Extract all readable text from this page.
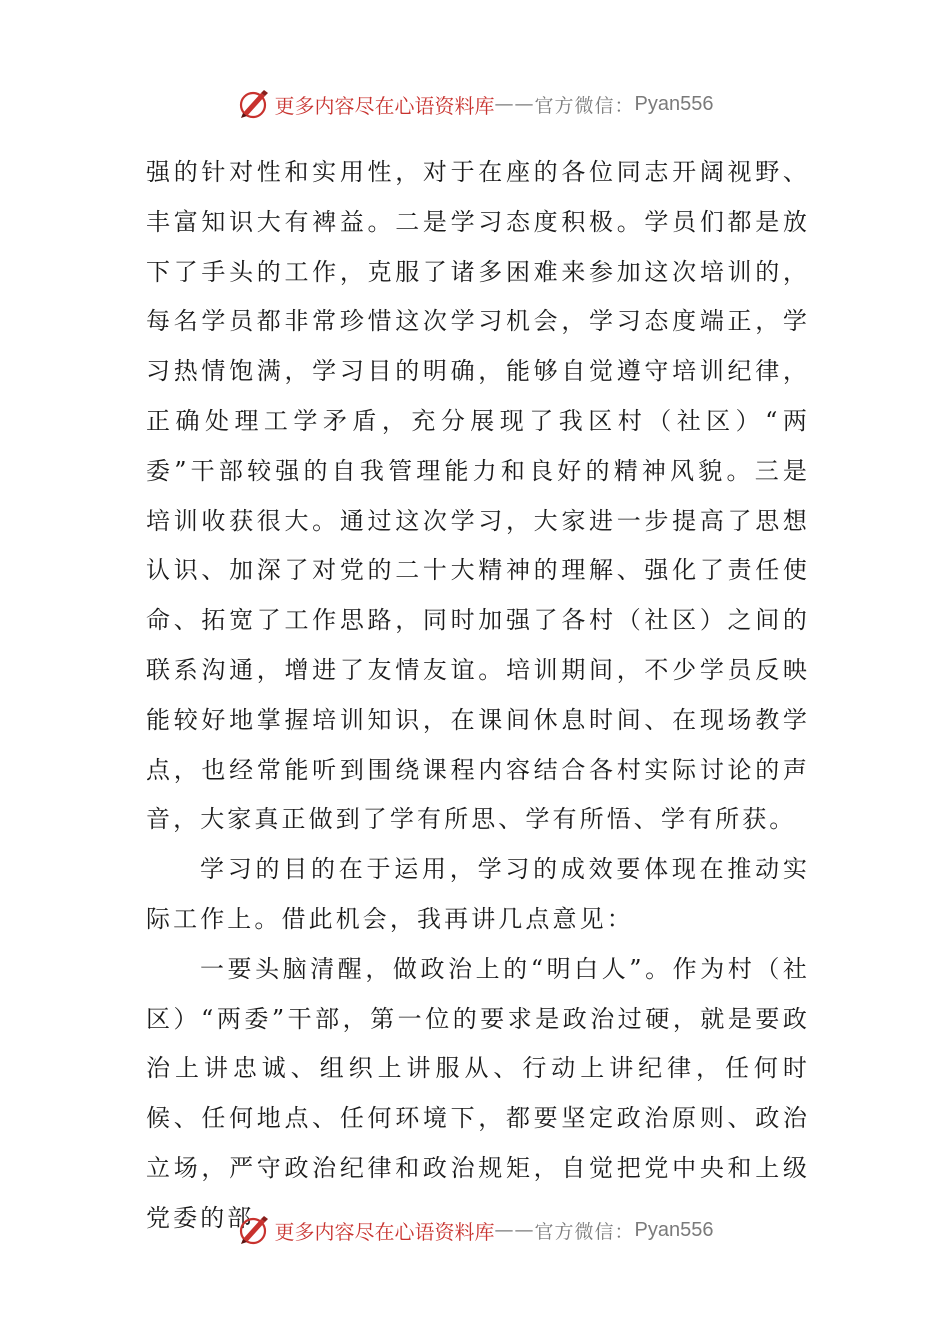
更多内容尽在心语资料库 —— 官方微信： Pyan556

强的针对性和实用性，对于在座的各位同志开阔视野、丰富知识大有裨益。二是学习态度积极。学员们都是放下了手头的工作，克服了诸多困难来参加这次培训的，每名学员都非常珍惜这次学习机会，学习态度端正，学习热情饱满，学习目的明确，能够自觉遵守培训纪律，正确处理工学矛盾，充分展现了我区村（社区）“两委”干部较强的自我管理能力和良好的精神风貌。三是培训收获很大。通过这次学习，大家进一步提高了思想认识、加深了对党的二十大精神的理解、强化了责任使命、拓宽了工作思路，同时加强了各村（社区）之间的联系沟通，增进了友情友谊。培训期间，不少学员反映能较好地掌握培训知识，在课间休息时间、在现场教学点，也经常能听到围绕课程内容结合各村实际讨论的声音，大家真正做到了学有所思、学有所悟、学有所获。

学习的目的在于运用，学习的成效要体现在推动实际工作上。借此机会，我再讲几点意见：

一要头脑清醒，做政治上的“明白人”。作为村（社区）“两委”干部，第一位的要求是政治过硬，就是要政治上讲忠诚、组织上讲服从、行动上讲纪律，任何时候、任何地点、任何环境下，都要坚定政治原则、政治立场，严守政治纪律和政治规矩，自觉把党中央和上级党委的部	更多内容尽在心语资料库 —— 官方微信： Pyan556
